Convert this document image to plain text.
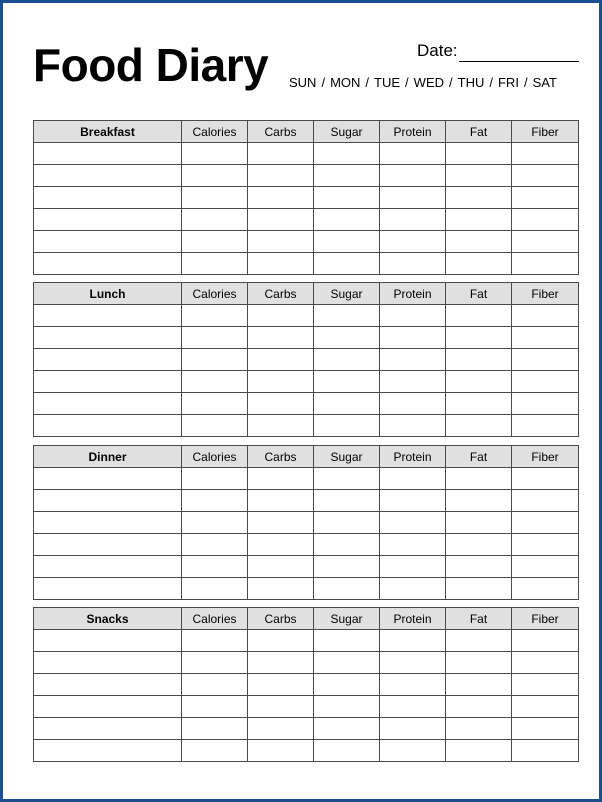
Food Diary	Date:
SUN / MON / TUE / WED / THU / FRI / SAT
Breakfast	Calories	Carbs	Sugar	Protein	Fat	Fiber

Lunch	Calories	Carbs	Sugar	Protein	Fat	Fiber

Dinner	Calories	Carbs	Sugar	Protein	Fat	Fiber

Snacks	Calories	Carbs	Sugar	Protein	Fat	Fiber
